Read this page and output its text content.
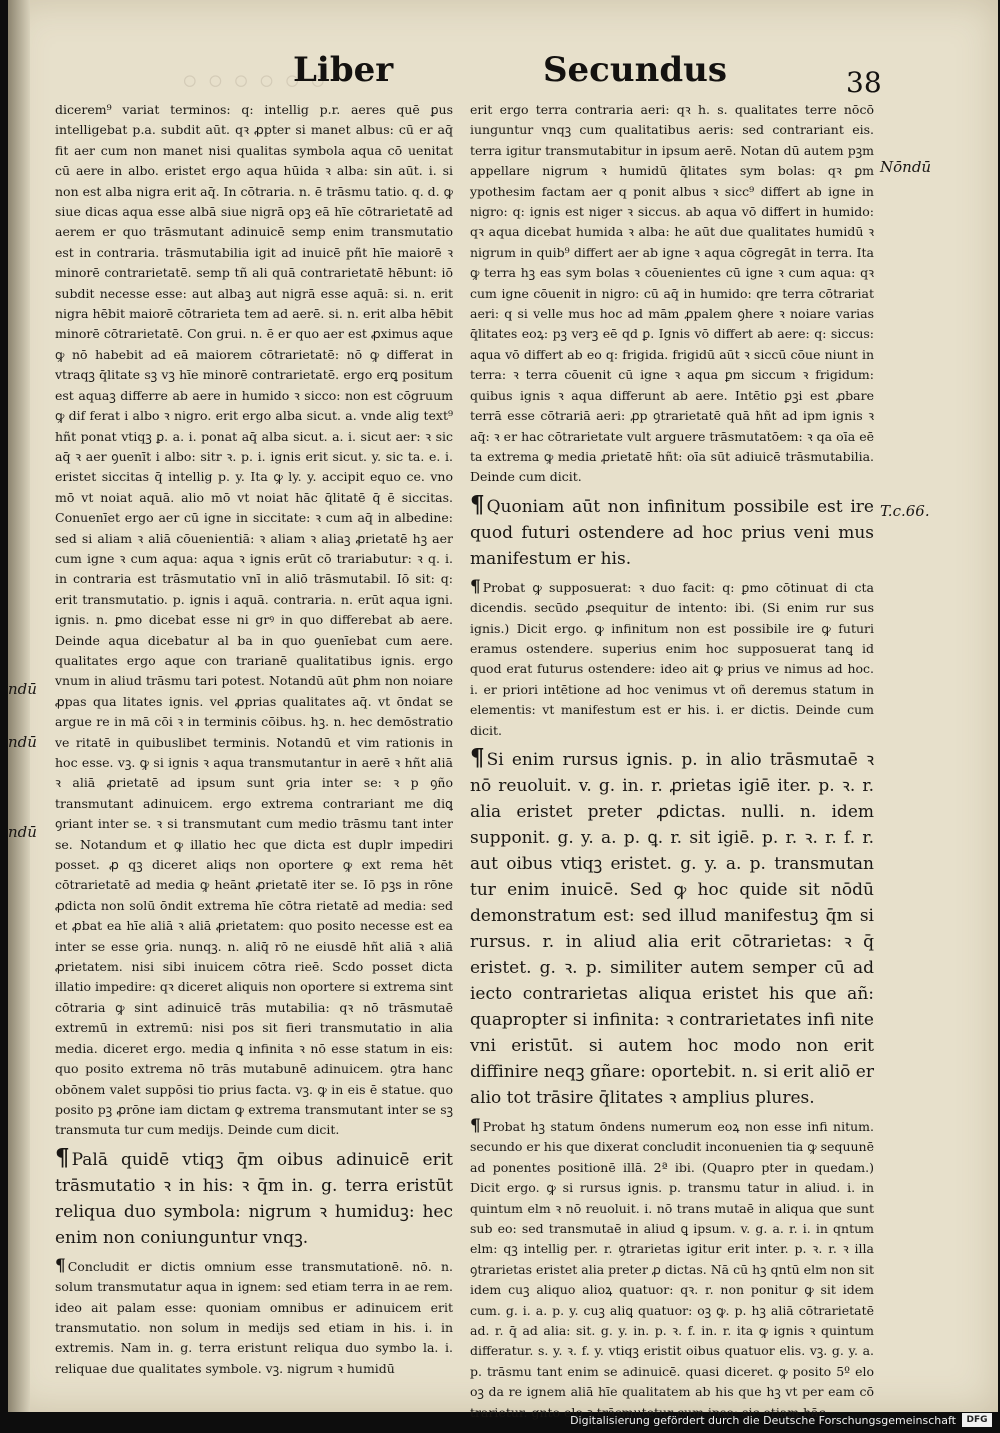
◦◦◦◦◦◦
Liber	Secundus	38
Nōndū
T.c.66.
ndū
ndū
ndū

dicerem⁹ variat terminos: q: intellig p.r. aeres quē ꝑus intelligebat p.a. subdit aūt. qꝛ ꝓpter si manet albus: cū er aq̄ fit aer cum non manet nisi qualitas symbola aqua cō uenitat cū aere in albo. eristet ergo aqua hūida ꝛ alba: sin aūt. i. si non est alba nigra erit aq̄. In cōtraria. n. ē trāsmu tatio. q. d. ꝙ siue dicas aqua esse albā siue nigrā opꝫ eā hīe cōtrarietatē ad aerem er quo trāsmutant adinuicē semp enim transmutatio est in contraria. trāsmutabilia igit ad inuicē pñt hīe maiorē ꝛ minorē contrarietatē. semp tñ ali quā contrarietatē hēbunt: iō subdit necesse esse: aut albaꝫ aut nigrā esse aquā: si. n. erit nigra hēbit maiorē cōtrarieta tem ad aerē. si. n. erit alba hēbit minorē cōtrarietatē. Con grui. n. ē er quo aer est ꝓximus aque ꝙ nō habebit ad eā maiorem cōtrarietatē: nō ꝙ differat in vtraqꝫ q̄litate sꝫ vꝫ hīe minorē contrarietatē. ergo erꝗ positum est aquaꝫ differre ab aere in humido ꝛ sicco: non est cōgruum ꝙ dif ferat i albo ꝛ nigro. erit ergo alba sicut. a. vnde alig text⁹ hñt ponat vtiqꝫ ꝑ. a. i. ponat aq̄ alba sicut. a. i. sicut aer: ꝛ sic aq̄ ꝛ aer ꝯuenīt i albo: sitr ꝛ. p. i. ignis erit sicut. y. sic ta. e. i. eristet siccitas q̄ intellig p. y. Ita ꝙ ly. y. accipit equo ce. vno mō vt noiat aquā. alio mō vt noiat hāc q̄litatē q̄ ē siccitas. Conuenīet ergo aer cū igne in siccitate: ꝛ cum aq̄ in albedine: sed si aliam ꝛ aliā cōuenientiā: ꝛ aliam ꝛ aliaꝫ ꝓrietatē hꝫ aer cum igne ꝛ cum aqua: aqua ꝛ ignis erūt cō trariabutur: ꝛ q. i. in contraria est trāsmutatio vnī in aliō trāsmutabil. Iō sit: q: erit transmutatio. p. ignis i aquā. contraria. n. erūt aqua igni. ignis. n. ꝑmo dicebat esse ni grꝰ in quo differebat ab aere. Deinde aqua dicebatur al ba in quo ꝯuenīebat cum aere. qualitates ergo aque con trarianē qualitatibus ignis. ergo vnum in aliud trāsmu tari potest. Notandū aūt ꝑhm non noiare ꝓpas qua litates ignis. vel ꝓprias qualitates aq̄. vt ōndat se argue re in mā cōi ꝛ in terminis cōibus. hꝫ. n. hec demōstratio ve ritatē in quibuslibet terminis. Notandū et vim rationis in hoc esse. vꝫ. ꝙ si ignis ꝛ aqua transmutantur in aerē ꝛ hñt aliā ꝛ aliā ꝓrietatē ad ipsum sunt ꝯria inter se: ꝛ p ꝯño transmutant adinuicem. ergo extrema contrariant me diꝗ ꝯriant inter se. ꝛ si transmutant cum medio trāsmu tant inter se. Notandum et ꝙ illatio hec que dicta est duplr impediri posset. ꝓ qꝫ diceret aliqs non oportere ꝙ ext rema hēt cōtrarietatē ad media ꝙ heānt ꝓrietatē iter se. Iō pꝫs in rōne ꝓdicta non solū ōndit extrema hīe cōtra rietatē ad media: sed et ꝓbat ea hīe aliā ꝛ aliā ꝓrietatem: quo posito necesse est ea inter se esse ꝯria. nunqꝫ. n. aliq̄ rō ne eiusdē hñt aliā ꝛ aliā ꝓrietatem. nisi sibi inuicem cōtra rieē. Scdo posset dicta illatio impedire: qꝛ diceret aliquis non oportere si extrema sint cōtraria ꝙ sint adinuicē trās mutabilia: qꝛ nō trāsmutaē extremū in extremū: nisi pos sit fieri transmutatio in alia media. diceret ergo. media ꝗ infinita ꝛ nō esse statum in eis: quo posito extrema nō trās mutabunē adinuicem. ꝯtra hanc obōnem valet suppōsi tio prius facta. vꝫ. ꝙ in eis ē statue. quo posito pꝫ ꝓrōne iam dictam ꝙ extrema transmutant inter se sꝫ transmuta tur cum medijs. Deinde cum dicit.

¶ Palā quidē vtiqꝫ q̄m oibus adinuicē erit trāsmutatio ꝛ in his: ꝛ q̄m in. g. terra eristūt reliqua duo symbola: nigrum ꝛ humiduꝫ: hec enim non coniunguntur vnqꝫ.

¶ Concludit er dictis omnium esse transmutationē. nō. n. solum transmutatur aqua in ignem: sed etiam terra in ae rem. ideo ait palam esse: quoniam omnibus er adinuicem erit transmutatio. non solum in medijs sed etiam in his. i. in extremis. Nam in. g. terra eristunt reliqua duo symbo la. i. reliquae due qualitates symbole. vꝫ. nigrum ꝛ humidū

erit ergo terra contraria aeri: qꝛ h. s. qualitates terre nōcō iunguntur vnqꝫ cum qualitatibus aeris: sed contrariant eis. terra igitur transmutabitur in ipsum aerē. Notan dū autem pꝫm appellare nigrum ꝛ humidū q̄litates sym bolas: qꝛ ꝑm ypothesim factam aer q ponit albus ꝛ sicc⁹ differt ab igne in nigro: q: ignis est niger ꝛ siccus. ab aqua vō differt in humido: qꝛ aqua dicebat humida ꝛ alba: he aūt due qualitates humidū ꝛ nigrum in quib⁹ differt aer ab igne ꝛ aqua cōgregāt in terra. Ita ꝙ terra hꝫ eas sym bolas ꝛ cōuenientes cū igne ꝛ cum aqua: qꝛ cum igne cōuenit in nigro: cū aq̄ in humido: qre terra cōtrariat aeri: q si velle mus hoc ad mām ꝓpalem ꝯhere ꝛ noiare varias q̄litates eoꝝ: pꝫ verꝫ eē qd ꝑ. Ignis vō differt ab aere: q: siccus: aqua vō differt ab eo q: frigida. frigidū aūt ꝛ siccū cōue niunt in terra: ꝛ terra cōuenit cū igne ꝛ aqua ꝑm siccum ꝛ frigidum: quibus ignis ꝛ aqua differunt ab aere. Intētio ꝑꝫi est ꝓbare terrā esse cōtrariā aeri: ꝓp ꝯtrarietatē quā hñt ad ipm ignis ꝛ aq̄: ꝛ er hac cōtrarietate vult arguere trāsmutatōem: ꝛ qa oīa eē ta extrema ꝙ media ꝓrietatē hñt: oīa sūt adiuicē trāsmutabilia. Deinde cum dicit.

¶ Quoniam aūt non infinitum possibile est ire quod futuri ostendere ad hoc prius veni mus manifestum er his.

¶ Probat ꝙ supposuerat: ꝛ duo facit: q: ꝑmo cōtinuat di cta dicendis. secūdo ꝓsequitur de intento: ibi. (Si enim rur sus ignis.) Dicit ergo. ꝙ infinitum non est possibile ire ꝙ futuri eramus ostendere. superius enim hoc supposuerat tanꝗ id quod erat futurus ostendere: ideo ait ꝙ prius ve nimus ad hoc. i. er priori intētione ad hoc venimus vt oñ deremus statum in elementis: vt manifestum est er his. i. er dictis. Deinde cum dicit.

¶ Si enim rursus ignis. p. in alio trāsmutaē ꝛ nō reuoluit. v. g. in. r. ꝓrietas igiē iter. p. ꝛ. r. alia eristet preter ꝓdictas. nulli. n. idem supponit. g. y. a. p. ꝗ. r. sit igiē. p. r. ꝛ. r. f. r. aut oibus vtiqꝫ eristet. g. y. a. p. transmutan tur enim inuicē. Sed ꝙ hoc quide sit nōdū demonstratum est: sed illud manifestuꝫ q̄m si rursus. r. in aliud alia erit cōtrarietas: ꝛ q̄ eristet. g. ꝛ. p. similiter autem semper cū ad iecto contrarietas aliqua eristet his que añ: quapropter si infinita: ꝛ contrarietates infi nite vni eristūt. si autem hoc modo non erit diffinire neqꝫ gñare: oportebit. n. si erit aliō er alio tot trāsire q̄litates ꝛ amplius plures.

¶ Probat hꝫ statum ōndens numerum eoꝝ non esse infi nitum. secundo er his que dixerat concludit inconuenien tia ꝙ sequunē ad ponentes positionē illā. 2ª ibi. (Quapro pter in quedam.) Dicit ergo. ꝙ si rursus ignis. p. transmu tatur in aliud. i. in quintum elm ꝛ nō reuoluit. i. nō trans mutaē in aliqua que sunt sub eo: sed transmutaē in aliud ꝗ ipsum. v. g. a. r. i. in qntum elm: qꝫ intellig per. r. ꝯtrarietas igitur erit inter. p. ꝛ. r. ꝛ illa ꝯtrarietas eristet alia preter ꝓ dictas. Nā cū hꝫ qntū elm non sit idem cuꝫ aliquo alioꝝ quatuor: qꝛ. r. non ponitur ꝙ sit idem cum. g. i. a. p. y. cuꝫ aliꝗ quatuor: oꝫ ꝙ. p. hꝫ aliā cōtrarietatē ad. r. q̄ ad alia: sit. g. y. in. p. ꝛ. f. in. r. ita ꝙ ignis ꝛ quintum differatur. s. y. ꝛ. f. y. vtiqꝫ eristit oibus quatuor elis. vꝫ. g. y. a. p. trāsmu tant enim se adinuicē. quasi diceret. ꝙ posito 5º elo oꝫ da re ignem aliā hīe qualitatem ab his que hꝫ vt per eam cō trarietur. gnto elo ꝛ trāsmutetur cum ipso: sic etiam hāc

Digitalisierung gefördert durch die Deutsche Forschungsgemeinschaft	DFG
